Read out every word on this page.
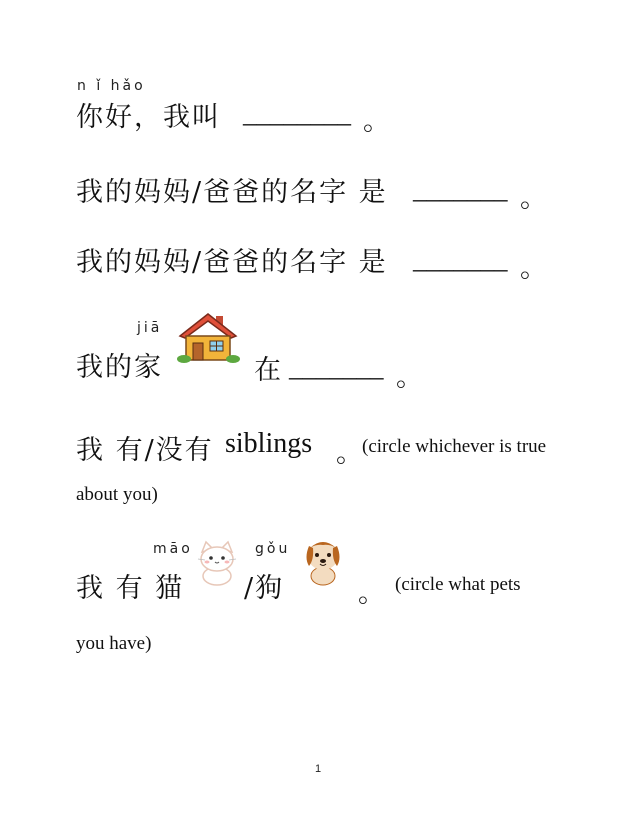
n ǐ hǎo
你好，我叫 ________ 。
我的妈妈/爸爸的名字 是 _______ 。
我的妈妈/爸爸的名字 是 _______ 。
jiā
我的家	在 _______ 。
我 有/没有 siblings 。
(circle whichever is true
about you)
māo	gǒu
我 有 猫 /狗	。 (circle what pets
you have)
1
